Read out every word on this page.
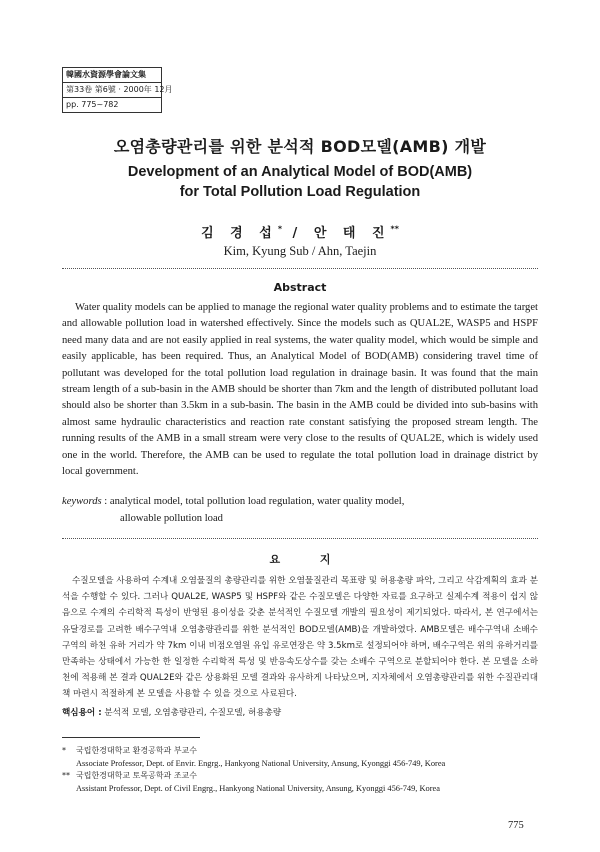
韓國水資源學會論文集
第33卷 第6號 · 2000年 12月
pp. 775~782
오염총량관리를 위한 분석적 BOD모델(AMB) 개발
Development of an Analytical Model of BOD(AMB)
for Total Pollution Load Regulation
김 경 섭* / 안 태 진**
Kim, Kyung Sub / Ahn, Taejin
Abstract
Water quality models can be applied to manage the regional water quality problems and to estimate the target and allowable pollution load in watershed effectively. Since the models such as QUAL2E, WASP5 and HSPF need many data and are not easily applied in real systems, the water quality model, which would be simple and easily applicable, has been required. Thus, an Analytical Model of BOD(AMB) considering travel time of pollutant was developed for the total pollution load regulation in drainage basin. It was found that the main stream length of a sub-basin in the AMB should be shorter than 7km and the length of distributed pollutant load should also be shorter than 3.5km in a sub-basin. The basin in the AMB could be divided into sub-basins with almost same hydraulic characteristics and reaction rate constant satisfying the proposed stream length. The running results of the AMB in a small stream were very close to the results of QUAL2E, which is widely used one in the world. Therefore, the AMB can be used to regulate the total pollution load in drainage district by local government.
keywords : analytical model, total pollution load regulation, water quality model,
allowable pollution load
요 지
수질모델을 사용하여 수계내 오염물질의 총량관리를 위한 오염물질관리 목표량 및 허용총량 파악, 그리고 삭감계획의 효과 분석을 수행할 수 있다. 그러나 QUAL2E, WASP5 및 HSPF와 같은 수질모델은 다양한 자료를 요구하고 실제수계 적용이 쉽지 않음으로 수계의 수리학적 특성이 반영된 용이성을 갖춘 분석적인 수질모델 개발의 필요성이 제기되었다. 따라서, 본 연구에서는 유달경로를 고려한 배수구역내 오염총량관리를 위한 분석적인 BOD모델(AMB)을 개발하였다. AMB모델은 배수구역내 소배수 구역의 하천 유하 거리가 약 7km 이내 비점오염원 유입 유로연장은 약 3.5km로 설정되어야 하며, 배수구역은 위의 유하거리를 만족하는 상태에서 가능한 한 일정한 수리학적 특성 및 반응속도상수를 갖는 소배수 구역으로 분할되어야 한다. 본 모델을 소하천에 적용해 본 결과 QUAL2E와 같은 상용화된 모델 결과와 유사하게 나타났으며, 지자체에서 오염총량관리를 위한 수질관리대책 마련시 적절하게 본 모델을 사용할 수 있을 것으로 사료된다.
핵심용어 : 분석적 모델, 오염총량관리, 수질모델, 허용총량
* 국립한경대학교 환경공학과 부교수
Associate Professor, Dept. of Envir. Engrg., Hankyong National University, Ansung, Kyonggi 456-749, Korea
** 국립한경대학교 토목공학과 조교수
Assistant Professor, Dept. of Civil Engrg., Hankyong National University, Ansung, Kyonggi 456-749, Korea
775
